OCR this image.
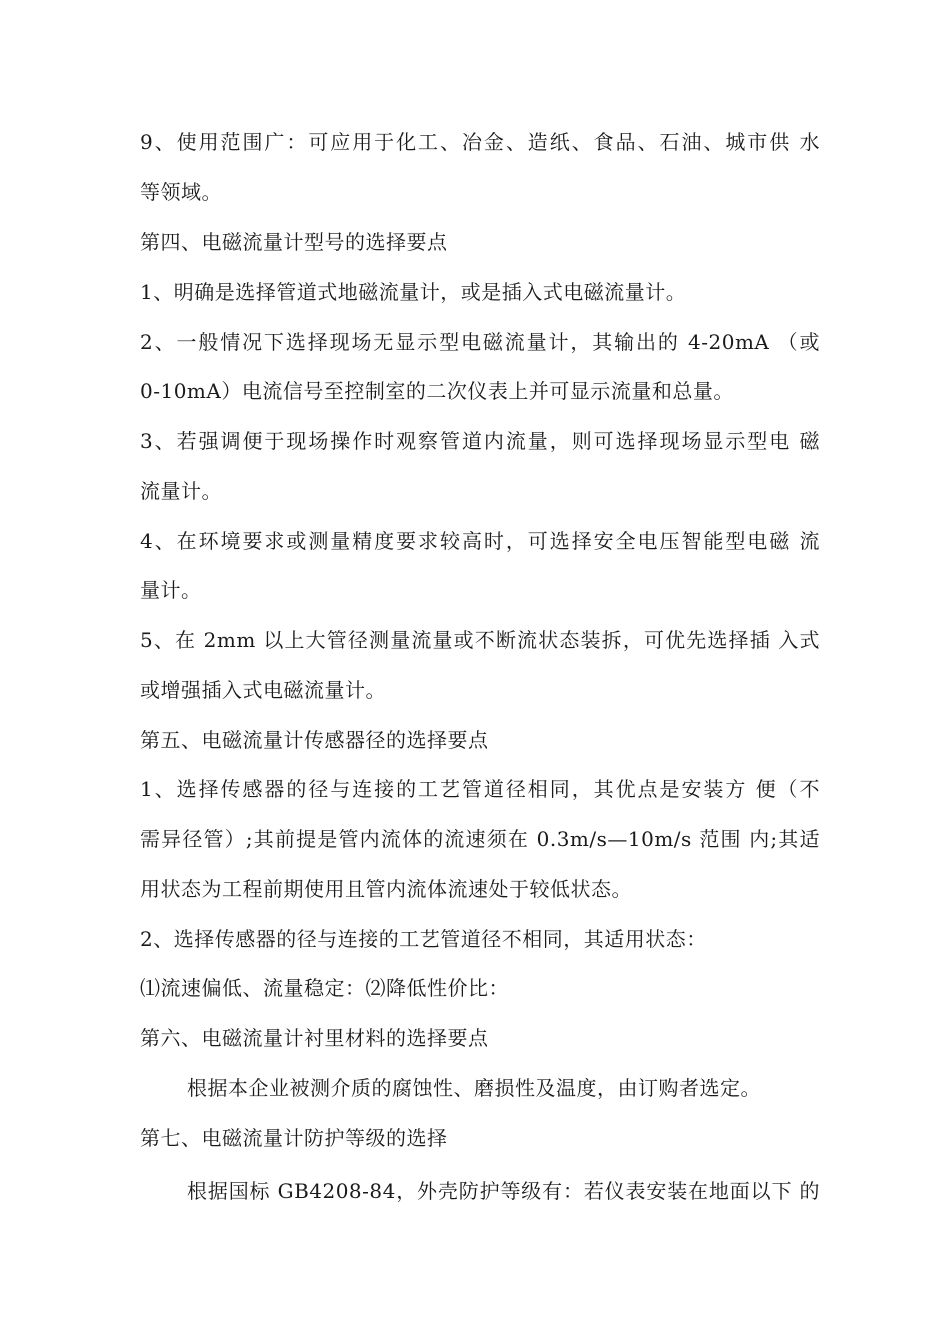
9、使用范围广：可应用于化工、冶金、造纸、食品、石油、城市供 水
等领域。
第四、电磁流量计型号的选择要点
1、明确是选择管道式地磁流量计，或是插入式电磁流量计。
2、一般情况下选择现场无显示型电磁流量计，其输出的 4-20mA （或
0-10mA）电流信号至控制室的二次仪表上并可显示流量和总量。
3、若强调便于现场操作时观察管道内流量，则可选择现场显示型电 磁
流量计。
4、在环境要求或测量精度要求较高时，可选择安全电压智能型电磁 流
量计。
5、在 2mm 以上大管径测量流量或不断流状态装拆，可优先选择插 入式
或增强插入式电磁流量计。
第五、电磁流量计传感器径的选择要点
1、选择传感器的径与连接的工艺管道径相同，其优点是安装方 便（不
需异径管）;其前提是管内流体的流速须在 0.3m/s—10m/s 范围 内;其适
用状态为工程前期使用且管内流体流速处于较低状态。
2、选择传感器的径与连接的工艺管道径不相同，其适用状态：
⑴流速偏低、流量稳定：⑵降低性价比：
第六、电磁流量计衬里材料的选择要点
根据本企业被测介质的腐蚀性、磨损性及温度，由订购者选定。
第七、电磁流量计防护等级的选择
根据国标 GB4208-84，外壳防护等级有：若仪表安装在地面以下 的
